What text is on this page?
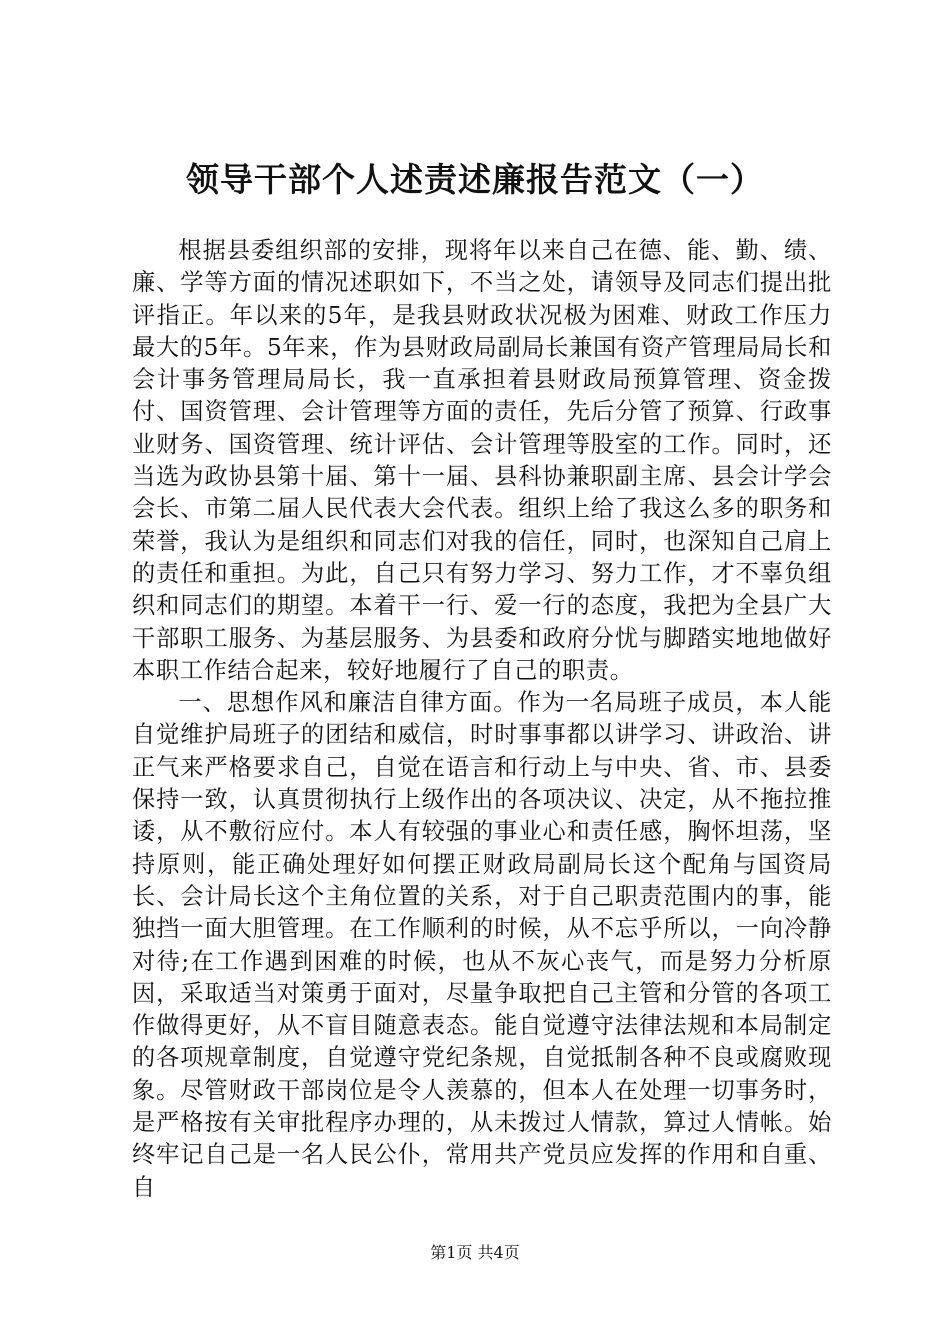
领导干部个人述责述廉报告范文（一）

根据县委组织部的安排，现将年以来自己在德、能、勤、绩、廉、学等方面的情况述职如下，不当之处，请领导及同志们提出批评指正。年以来的5年，是我县财政状况极为困难、财政工作压力最大的5年。5年来，作为县财政局副局长兼国有资产管理局局长和会计事务管理局局长，我一直承担着县财政局预算管理、资金拨付、国资管理、会计管理等方面的责任，先后分管了预算、行政事业财务、国资管理、统计评估、会计管理等股室的工作。同时，还当选为政协县第十届、第十一届、县科协兼职副主席、县会计学会会长、市第二届人民代表大会代表。组织上给了我这么多的职务和荣誉，我认为是组织和同志们对我的信任，同时，也深知自己肩上的责任和重担。为此，自己只有努力学习、努力工作，才不辜负组织和同志们的期望。本着干一行、爱一行的态度，我把为全县广大干部职工服务、为基层服务、为县委和政府分忧与脚踏实地地做好本职工作结合起来，较好地履行了自己的职责。

一、思想作风和廉洁自律方面。作为一名局班子成员，本人能自觉维护局班子的团结和威信，时时事事都以讲学习、讲政治、讲正气来严格要求自己，自觉在语言和行动上与中央、省、市、县委保持一致，认真贯彻执行上级作出的各项决议、决定，从不拖拉推诿，从不敷衍应付。本人有较强的事业心和责任感，胸怀坦荡，坚持原则，能正确处理好如何摆正财政局副局长这个配角与国资局长、会计局长这个主角位置的关系，对于自己职责范围内的事，能独挡一面大胆管理。在工作顺利的时候，从不忘乎所以，一向冷静对待;在工作遇到困难的时候，也从不灰心丧气，而是努力分析原因，采取适当对策勇于面对，尽量争取把自己主管和分管的各项工作做得更好，从不盲目随意表态。能自觉遵守法律法规和本局制定的各项规章制度，自觉遵守党纪条规，自觉抵制各种不良或腐败现象。尽管财政干部岗位是令人羡慕的，但本人在处理一切事务时，是严格按有关审批程序办理的，从未拨过人情款，算过人情帐。始终牢记自己是一名人民公仆，常用共产党员应发挥的作用和自重、自

第1页 共4页
